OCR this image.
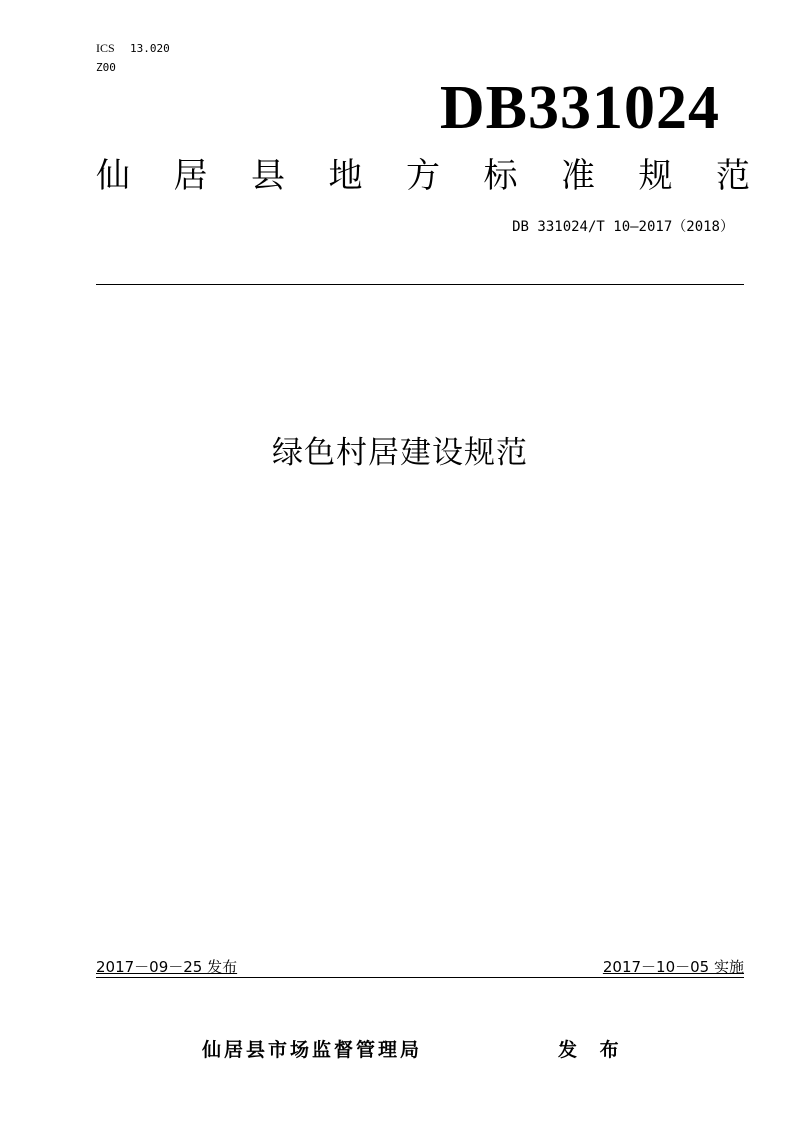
ICS 13.020
Z00
DB331024
仙 居 县 地 方 标 准 规 范
DB 331024/T 10—2017（2018）
绿色村居建设规范
2017－09－25 发布	2017－10－05 实施
仙居县市场监督管理局	发 布
